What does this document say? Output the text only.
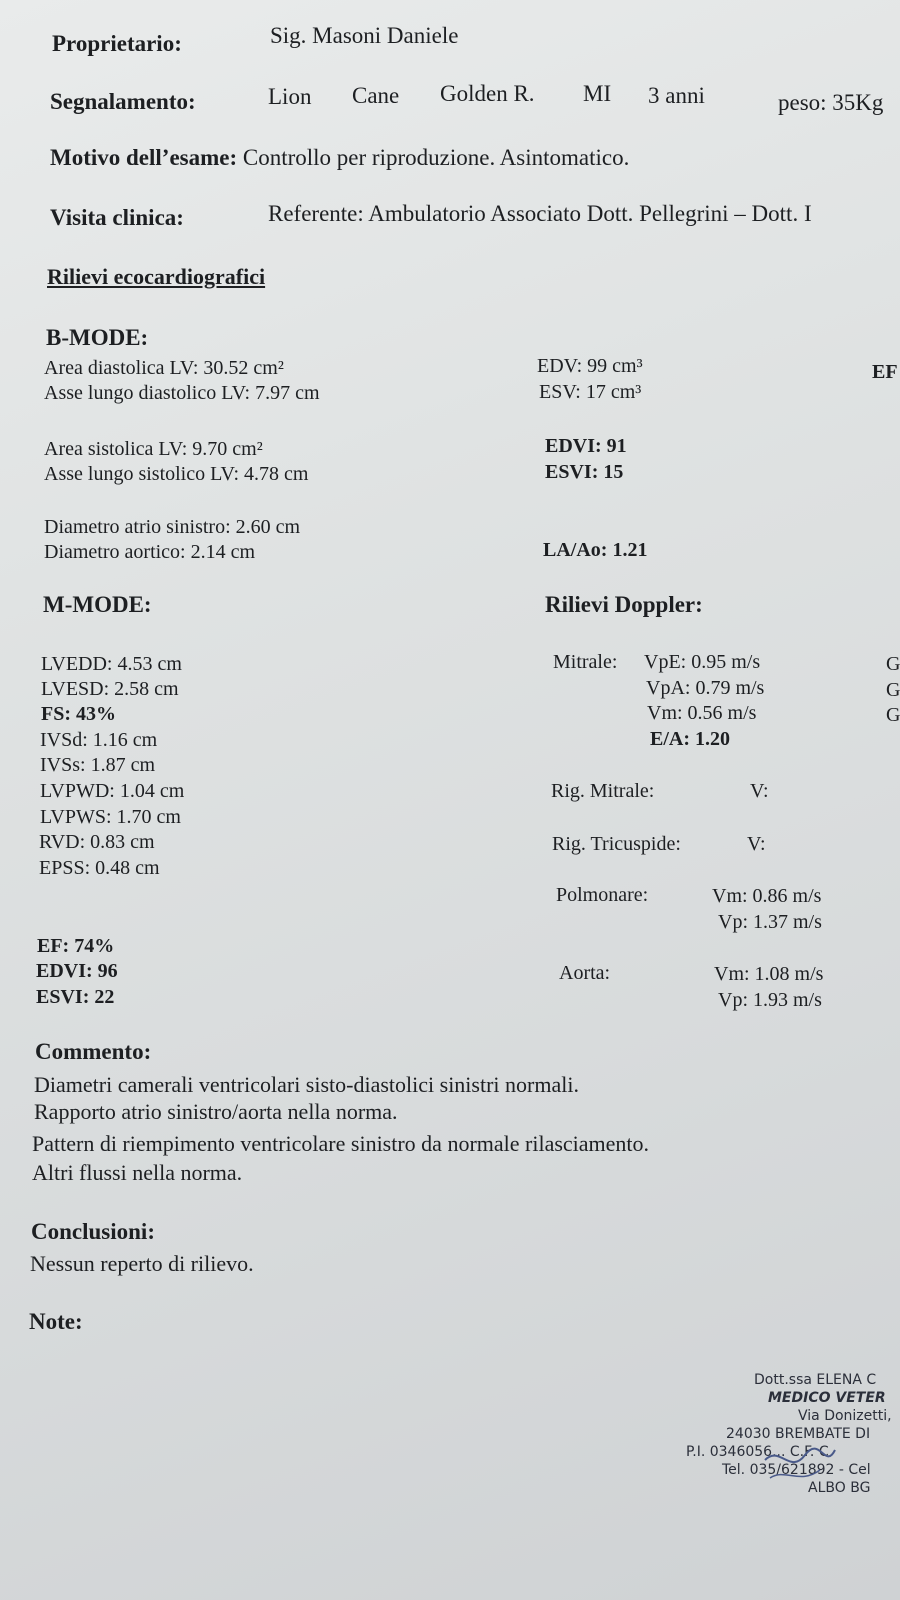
Proprietario:	Sig. Masoni Daniele
Segnalamento:	Lion Cane Golden R. MI 3 anni	peso: 35Kg
Motivo dell’esame: Controllo per riproduzione. Asintomatico.
Visita clinica:	Referente: Ambulatorio Associato Dott. Pellegrini – Dott. I
Rilievi ecocardiografici
B-MODE:
Area diastolica LV: 30.52 cm²
Asse lungo diastolico LV: 7.97 cm
EDV: 99 cm³
ESV: 17 cm³
EF
Area sistolica LV: 9.70 cm²
Asse lungo sistolico LV: 4.78 cm
EDVI: 91
ESVI: 15
Diametro atrio sinistro: 2.60 cm
Diametro aortico: 2.14 cm	LA/Ao: 1.21
M-MODE:
LVEDD: 4.53 cm
LVESD: 2.58 cm
FS: 43%
IVSd: 1.16 cm
IVSs: 1.87 cm
LVPWD: 1.04 cm
LVPWS: 1.70 cm
RVD: 0.83 cm
EPSS: 0.48 cm
EF: 74%
EDVI: 96
ESVI: 22
Rilievi Doppler:
Mitrale: VpE: 0.95 m/s
VpA: 0.79 m/s
Vm: 0.56 m/s
E/A: 1.20
G
G
G
Rig. Mitrale:	V:
Rig. Tricuspide:	V:
Polmonare:	Vm: 0.86 m/s
Vp: 1.37 m/s
Aorta:	Vm: 1.08 m/s
Vp: 1.93 m/s
Commento:
Diametri camerali ventricolari sisto-diastolici sinistri normali.
Rapporto atrio sinistro/aorta nella norma.
Pattern di riempimento ventricolare sinistro da normale rilasciamento.
Altri flussi nella norma.
Conclusioni:
Nessun reperto di rilievo.
Note:
Dott.ssa ELENA C
MEDICO VETER
Via Donizetti,
24030 BREMBATE DI
P.I. 0346056... C.F. C
Tel. 035/621892 - Cel
ALBO BG
